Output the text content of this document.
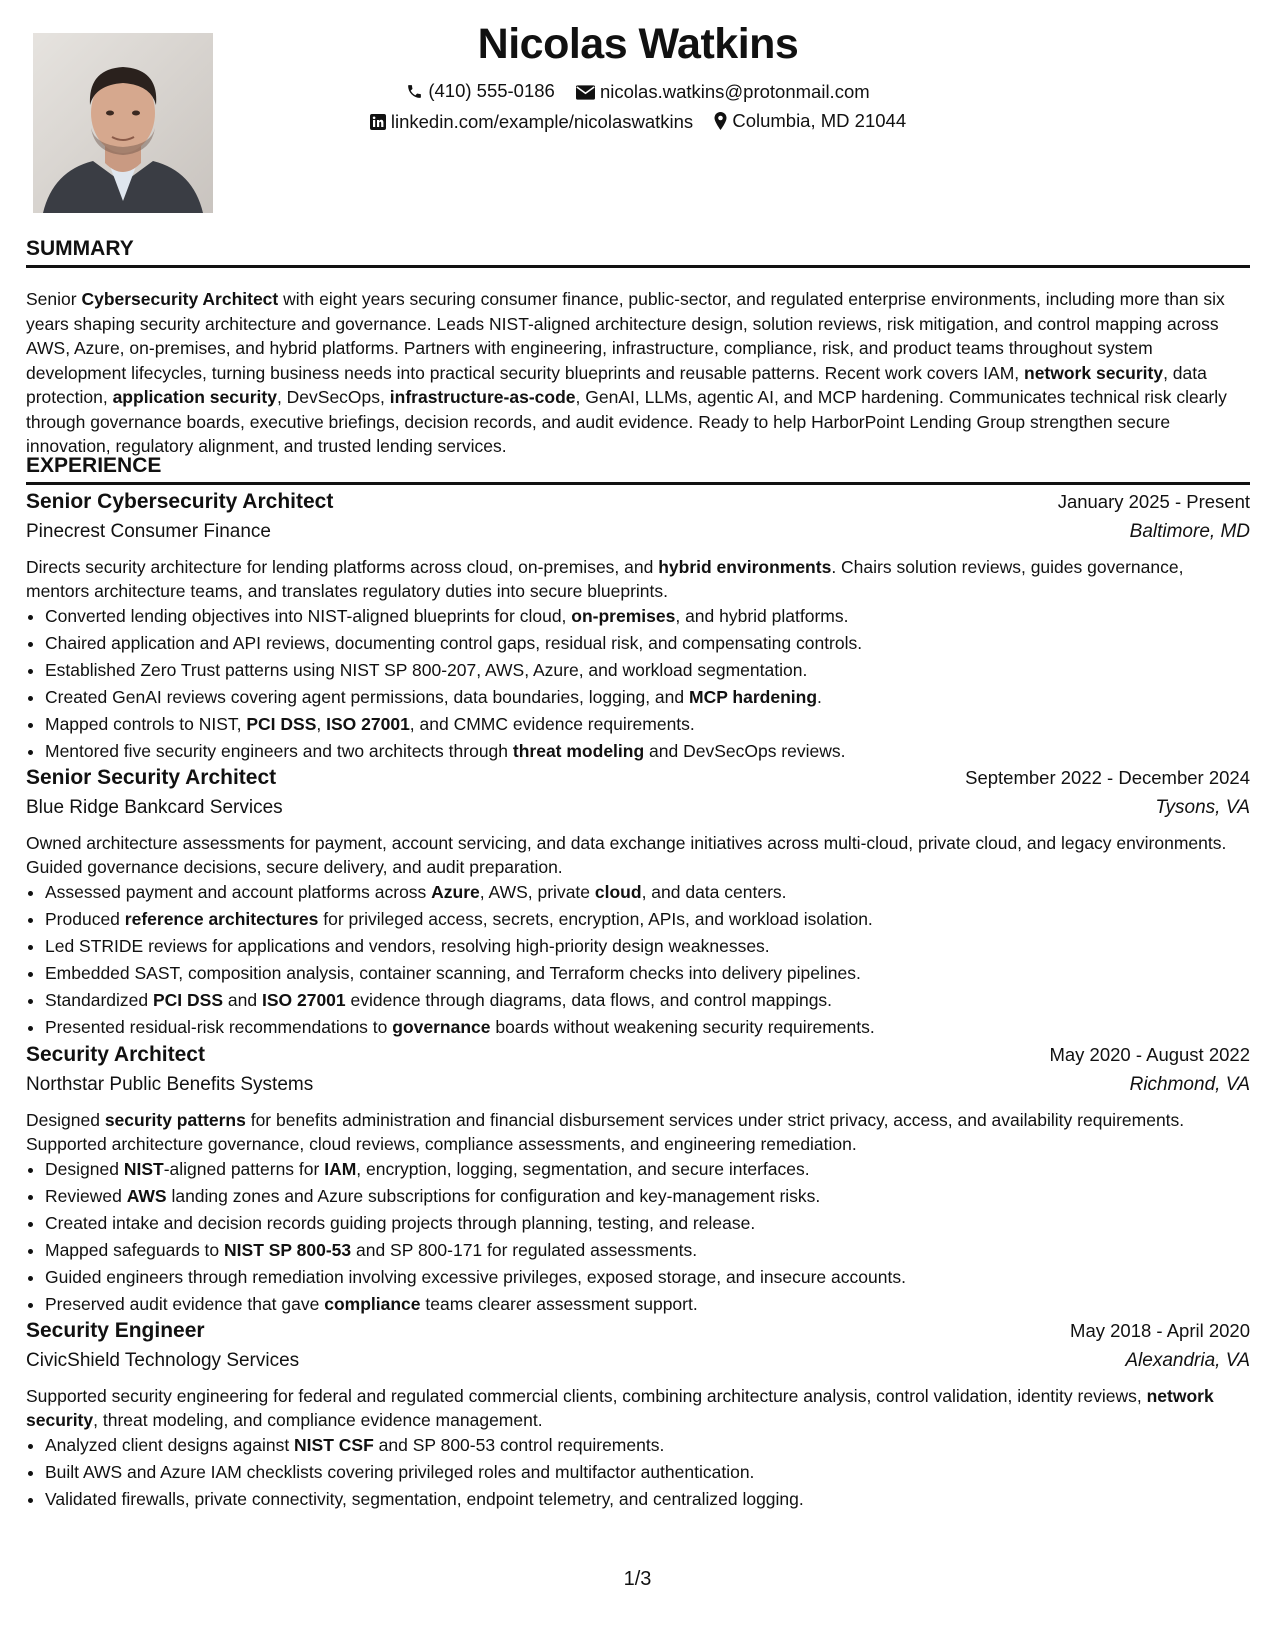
Nicolas Watkins
(410) 555-0186
nicolas.watkins@protonmail.com
linkedin.com/example/nicolaswatkins
Columbia, MD 21044
SUMMARY
Senior Cybersecurity Architect with eight years securing consumer finance, public-sector, and regulated enterprise environments, including more than six years shaping security architecture and governance. Leads NIST-aligned architecture design, solution reviews, risk mitigation, and control mapping across AWS, Azure, on-premises, and hybrid platforms. Partners with engineering, infrastructure, compliance, risk, and product teams throughout system development lifecycles, turning business needs into practical security blueprints and reusable patterns. Recent work covers IAM, network security, data protection, application security, DevSecOps, infrastructure-as-code, GenAI, LLMs, agentic AI, and MCP hardening. Communicates technical risk clearly through governance boards, executive briefings, decision records, and audit evidence. Ready to help HarborPoint Lending Group strengthen secure innovation, regulatory alignment, and trusted lending services.
EXPERIENCE
Senior Cybersecurity Architect	January 2025 - Present
Pinecrest Consumer Finance	Baltimore, MD
Directs security architecture for lending platforms across cloud, on-premises, and hybrid environments. Chairs solution reviews, guides governance, mentors architecture teams, and translates regulatory duties into secure blueprints.
• Converted lending objectives into NIST-aligned blueprints for cloud, on-premises, and hybrid platforms.
• Chaired application and API reviews, documenting control gaps, residual risk, and compensating controls.
• Established Zero Trust patterns using NIST SP 800-207, AWS, Azure, and workload segmentation.
• Created GenAI reviews covering agent permissions, data boundaries, logging, and MCP hardening.
• Mapped controls to NIST, PCI DSS, ISO 27001, and CMMC evidence requirements.
• Mentored five security engineers and two architects through threat modeling and DevSecOps reviews.
Senior Security Architect	September 2022 - December 2024
Blue Ridge Bankcard Services	Tysons, VA
Owned architecture assessments for payment, account servicing, and data exchange initiatives across multi-cloud, private cloud, and legacy environments. Guided governance decisions, secure delivery, and audit preparation.
• Assessed payment and account platforms across Azure, AWS, private cloud, and data centers.
• Produced reference architectures for privileged access, secrets, encryption, APIs, and workload isolation.
• Led STRIDE reviews for applications and vendors, resolving high-priority design weaknesses.
• Embedded SAST, composition analysis, container scanning, and Terraform checks into delivery pipelines.
• Standardized PCI DSS and ISO 27001 evidence through diagrams, data flows, and control mappings.
• Presented residual-risk recommendations to governance boards without weakening security requirements.
Security Architect	May 2020 - August 2022
Northstar Public Benefits Systems	Richmond, VA
Designed security patterns for benefits administration and financial disbursement services under strict privacy, access, and availability requirements. Supported architecture governance, cloud reviews, compliance assessments, and engineering remediation.
• Designed NIST-aligned patterns for IAM, encryption, logging, segmentation, and secure interfaces.
• Reviewed AWS landing zones and Azure subscriptions for configuration and key-management risks.
• Created intake and decision records guiding projects through planning, testing, and release.
• Mapped safeguards to NIST SP 800-53 and SP 800-171 for regulated assessments.
• Guided engineers through remediation involving excessive privileges, exposed storage, and insecure accounts.
• Preserved audit evidence that gave compliance teams clearer assessment support.
Security Engineer	May 2018 - April 2020
CivicShield Technology Services	Alexandria, VA
Supported security engineering for federal and regulated commercial clients, combining architecture analysis, control validation, identity reviews, network security, threat modeling, and compliance evidence management.
• Analyzed client designs against NIST CSF and SP 800-53 control requirements.
• Built AWS and Azure IAM checklists covering privileged roles and multifactor authentication.
• Validated firewalls, private connectivity, segmentation, endpoint telemetry, and centralized logging.
1/3
